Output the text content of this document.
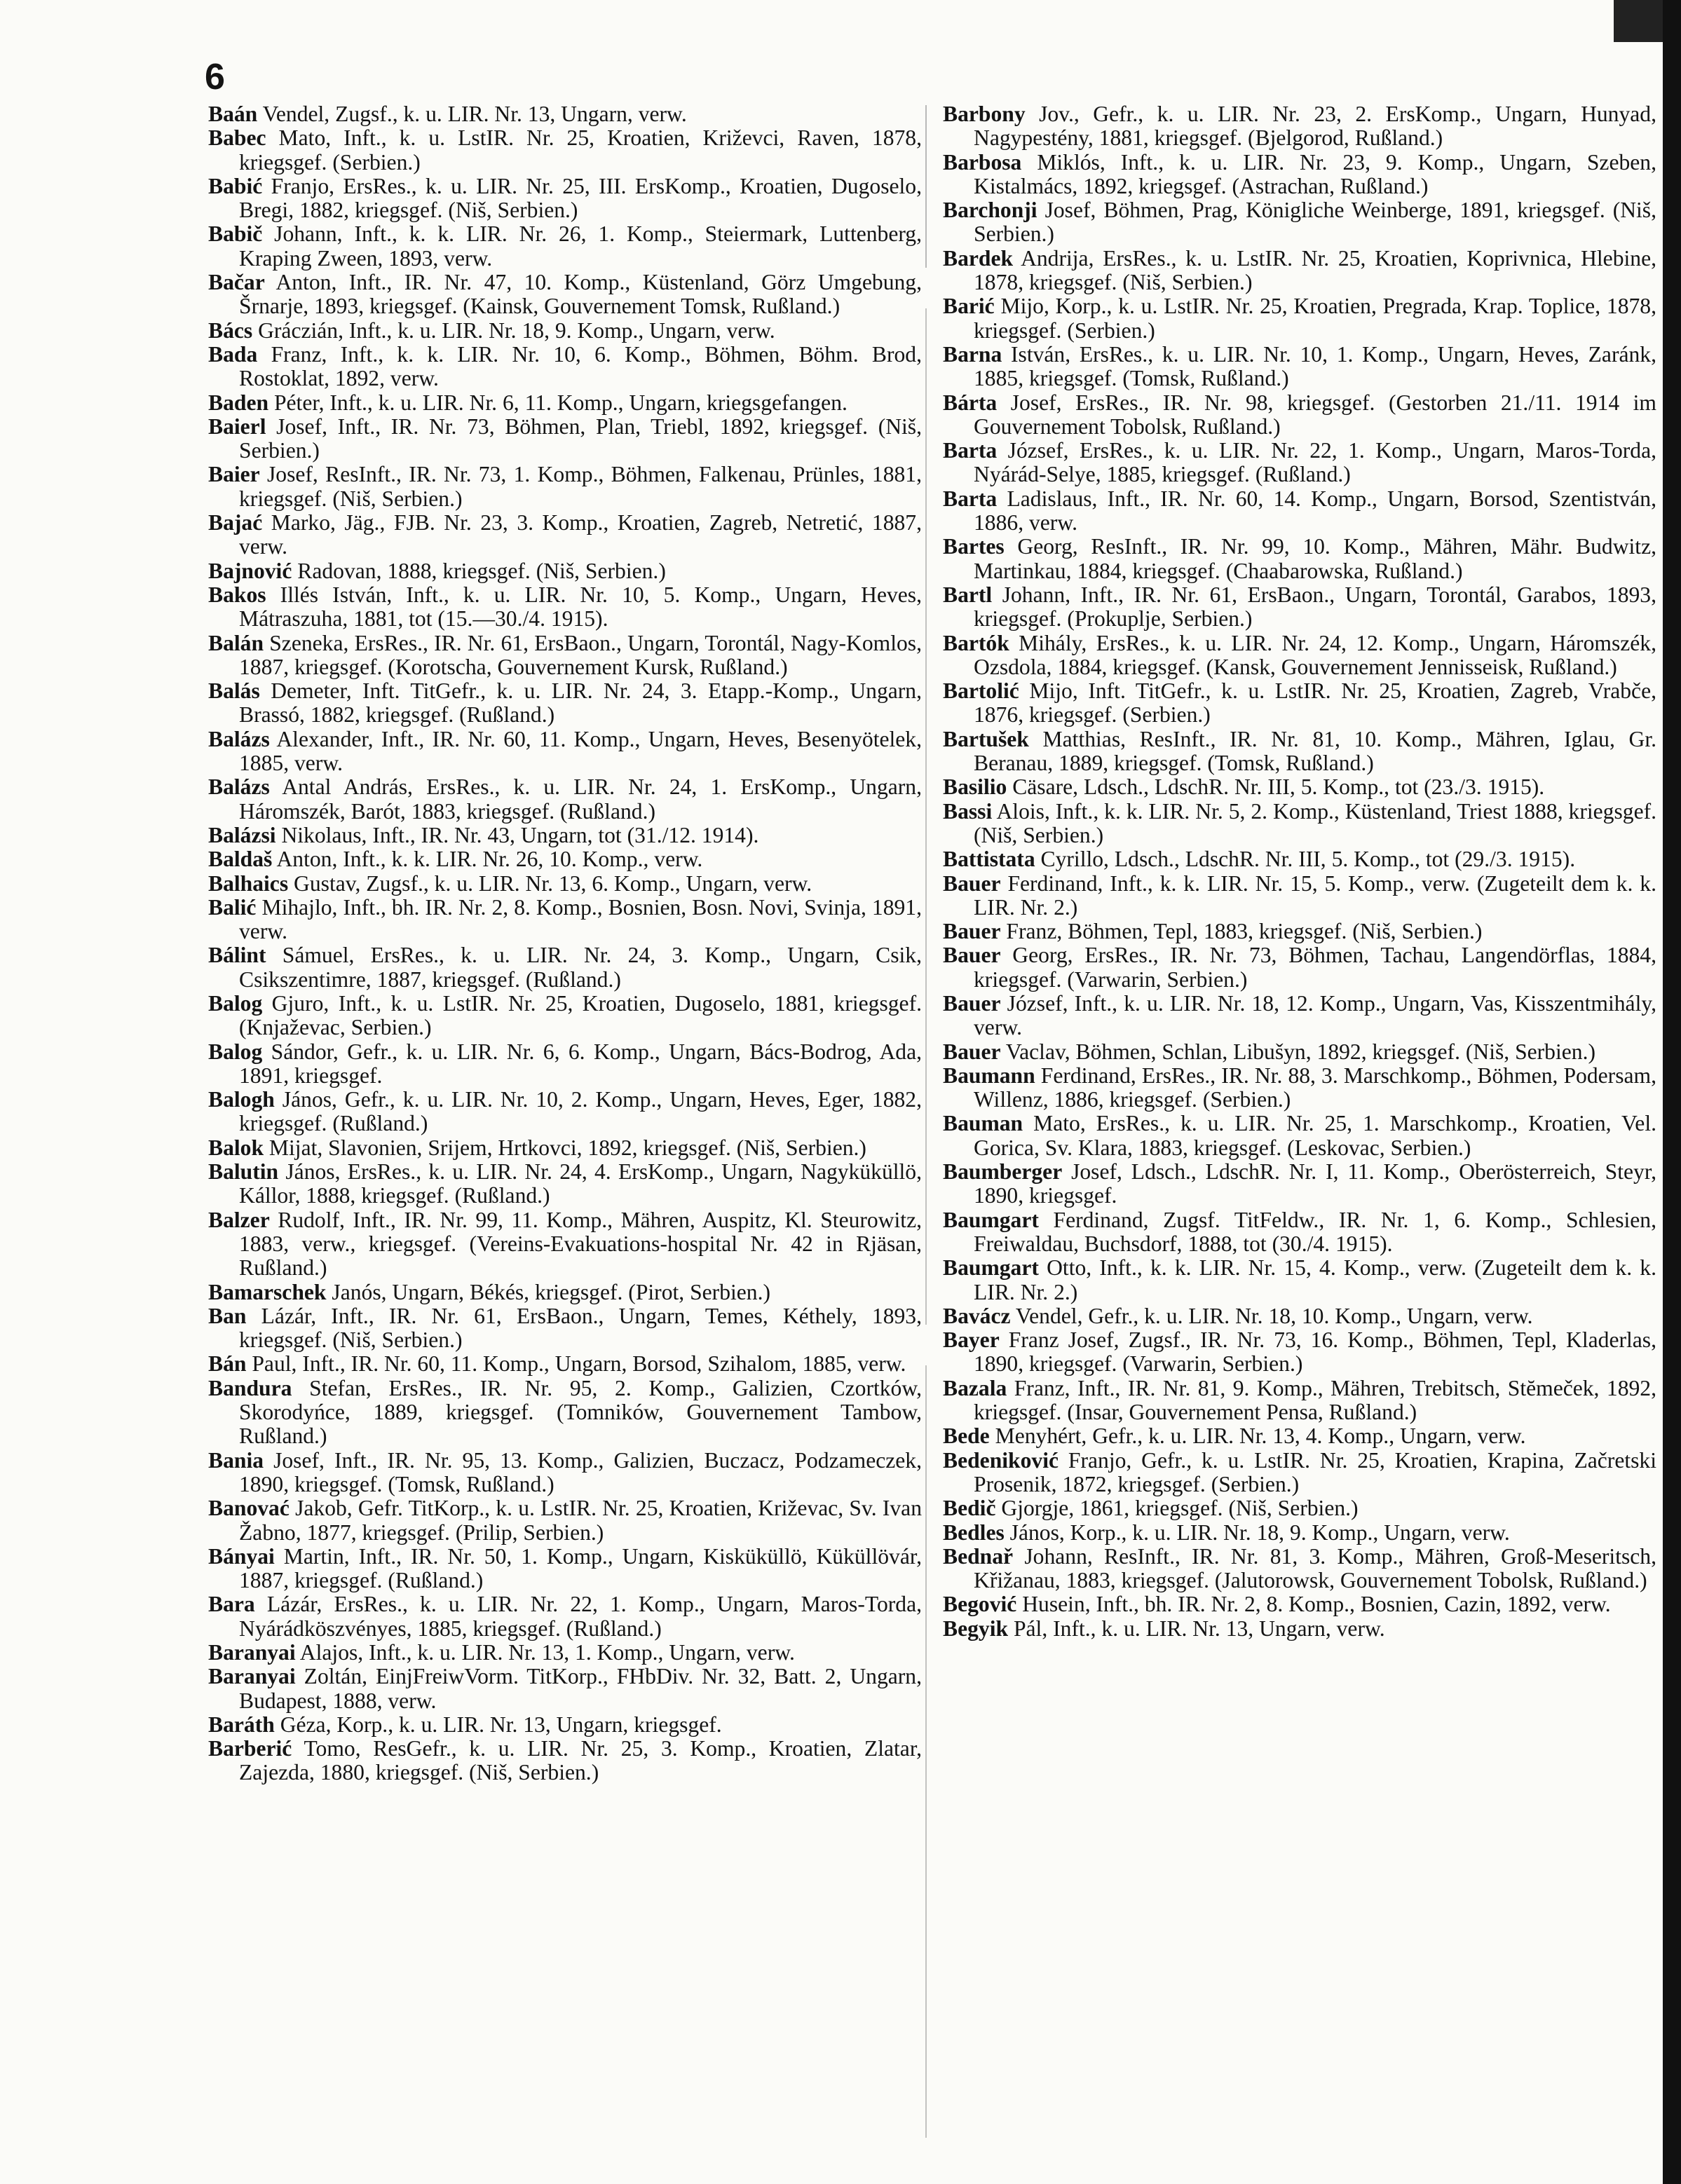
6
Baán Vendel, Zugsf., k. u. LIR. Nr. 13, Ungarn, verw.
Babec Mato, Inft., k. u. LstIR. Nr. 25, Kroatien, Križevci, Raven, 1878, kriegsgef. (Serbien.)
Babić Franjo, ErsRes., k. u. LIR. Nr. 25, III. ErsKomp., Kroatien, Dugoselo, Bregi, 1882, kriegsgef. (Niš, Serbien.)
Babič Johann, Inft., k. k. LIR. Nr. 26, 1. Komp., Steiermark, Luttenberg, Kraping Zween, 1893, verw.
Bačar Anton, Inft., IR. Nr. 47, 10. Komp., Küstenland, Görz Umgebung, Šrnarje, 1893, kriegsgef. (Kainsk, Gouvernement Tomsk, Rußland.)
Bács Gráczián, Inft., k. u. LIR. Nr. 18, 9. Komp., Ungarn, verw.
Bada Franz, Inft., k. k. LIR. Nr. 10, 6. Komp., Böhmen, Böhm. Brod, Rostoklat, 1892, verw.
Baden Péter, Inft., k. u. LIR. Nr. 6, 11. Komp., Ungarn, kriegsgefangen.
Baierl Josef, Inft., IR. Nr. 73, Böhmen, Plan, Triebl, 1892, kriegsgef. (Niš, Serbien.)
Baier Josef, ResInft., IR. Nr. 73, 1. Komp., Böhmen, Falkenau, Prünles, 1881, kriegsgef. (Niš, Serbien.)
Bajać Marko, Jäg., FJB. Nr. 23, 3. Komp., Kroatien, Zagreb, Netretić, 1887, verw.
Bajnović Radovan, 1888, kriegsgef. (Niš, Serbien.)
Bakos Illés István, Inft., k. u. LIR. Nr. 10, 5. Komp., Ungarn, Heves, Mátraszuha, 1881, tot (15.—30./4. 1915).
Balán Szeneka, ErsRes., IR. Nr. 61, ErsBaon., Ungarn, Torontál, Nagy-Komlos, 1887, kriegsgef. (Korotscha, Gouvernement Kursk, Rußland.)
Balás Demeter, Inft. TitGefr., k. u. LIR. Nr. 24, 3. Etapp.-Komp., Ungarn, Brassó, 1882, kriegsgef. (Rußland.)
Balázs Alexander, Inft., IR. Nr. 60, 11. Komp., Ungarn, Heves, Besenyötelek, 1885, verw.
Balázs Antal András, ErsRes., k. u. LIR. Nr. 24, 1. ErsKomp., Ungarn, Háromszék, Barót, 1883, kriegsgef. (Rußland.)
Balázsi Nikolaus, Inft., IR. Nr. 43, Ungarn, tot (31./12. 1914).
Baldaš Anton, Inft., k. k. LIR. Nr. 26, 10. Komp., verw.
Balhaics Gustav, Zugsf., k. u. LIR. Nr. 13, 6. Komp., Ungarn, verw.
Balić Mihajlo, Inft., bh. IR. Nr. 2, 8. Komp., Bosnien, Bosn. Novi, Svinja, 1891, verw.
Bálint Sámuel, ErsRes., k. u. LIR. Nr. 24, 3. Komp., Ungarn, Csik, Csikszentimre, 1887, kriegsgef. (Rußland.)
Balog Gjuro, Inft., k. u. LstIR. Nr. 25, Kroatien, Dugoselo, 1881, kriegsgef. (Knjaževac, Serbien.)
Balog Sándor, Gefr., k. u. LIR. Nr. 6, 6. Komp., Ungarn, Bács-Bodrog, Ada, 1891, kriegsgef.
Balogh János, Gefr., k. u. LIR. Nr. 10, 2. Komp., Ungarn, Heves, Eger, 1882, kriegsgef. (Rußland.)
Balok Mijat, Slavonien, Srijem, Hrtkovci, 1892, kriegsgef. (Niš, Serbien.)
Balutin János, ErsRes., k. u. LIR. Nr. 24, 4. ErsKomp., Ungarn, Nagyküküllö, Kállor, 1888, kriegsgef. (Rußland.)
Balzer Rudolf, Inft., IR. Nr. 99, 11. Komp., Mähren, Auspitz, Kl. Steurowitz, 1883, verw., kriegsgef. (Vereins-Evakuations-hospital Nr. 42 in Rjäsan, Rußland.)
Bamarschek Janós, Ungarn, Békés, kriegsgef. (Pirot, Serbien.)
Ban Lázár, Inft., IR. Nr. 61, ErsBaon., Ungarn, Temes, Kéthely, 1893, kriegsgef. (Niš, Serbien.)
Bán Paul, Inft., IR. Nr. 60, 11. Komp., Ungarn, Borsod, Szihalom, 1885, verw.
Bandura Stefan, ErsRes., IR. Nr. 95, 2. Komp., Galizien, Czortków, Skorodyńce, 1889, kriegsgef. (Tomników, Gouvernement Tambow, Rußland.)
Bania Josef, Inft., IR. Nr. 95, 13. Komp., Galizien, Buczacz, Podzameczek, 1890, kriegsgef. (Tomsk, Rußland.)
Banovać Jakob, Gefr. TitKorp., k. u. LstIR. Nr. 25, Kroatien, Križevac, Sv. Ivan Žabno, 1877, kriegsgef. (Prilip, Serbien.)
Bányai Martin, Inft., IR. Nr. 50, 1. Komp., Ungarn, Kisküküllö, Küküllövár, 1887, kriegsgef. (Rußland.)
Bara Lázár, ErsRes., k. u. LIR. Nr. 22, 1. Komp., Ungarn, Maros-Torda, Nyárádköszvényes, 1885, kriegsgef. (Rußland.)
Baranyai Alajos, Inft., k. u. LIR. Nr. 13, 1. Komp., Ungarn, verw.
Baranyai Zoltán, EinjFreiwVorm. TitKorp., FHbDiv. Nr. 32, Batt. 2, Ungarn, Budapest, 1888, verw.
Baráth Géza, Korp., k. u. LIR. Nr. 13, Ungarn, kriegsgef.
Barberić Tomo, ResGefr., k. u. LIR. Nr. 25, 3. Komp., Kroatien, Zlatar, Zajezda, 1880, kriegsgef. (Niš, Serbien.)
Barbony Jov., Gefr., k. u. LIR. Nr. 23, 2. ErsKomp., Ungarn, Hunyad, Nagypestény, 1881, kriegsgef. (Bjelgorod, Rußland.)
Barbosa Miklós, Inft., k. u. LIR. Nr. 23, 9. Komp., Ungarn, Szeben, Kistalmács, 1892, kriegsgef. (Astrachan, Rußland.)
Barchonji Josef, Böhmen, Prag, Königliche Weinberge, 1891, kriegsgef. (Niš, Serbien.)
Bardek Andrija, ErsRes., k. u. LstIR. Nr. 25, Kroatien, Koprivnica, Hlebine, 1878, kriegsgef. (Niš, Serbien.)
Barić Mijo, Korp., k. u. LstIR. Nr. 25, Kroatien, Pregrada, Krap. Toplice, 1878, kriegsgef. (Serbien.)
Barna István, ErsRes., k. u. LIR. Nr. 10, 1. Komp., Ungarn, Heves, Zaránk, 1885, kriegsgef. (Tomsk, Rußland.)
Bárta Josef, ErsRes., IR. Nr. 98, kriegsgef. (Gestorben 21./11. 1914 im Gouvernement Tobolsk, Rußland.)
Barta József, ErsRes., k. u. LIR. Nr. 22, 1. Komp., Ungarn, Maros-Torda, Nyárád-Selye, 1885, kriegsgef. (Rußland.)
Barta Ladislaus, Inft., IR. Nr. 60, 14. Komp., Ungarn, Borsod, Szentistván, 1886, verw.
Bartes Georg, ResInft., IR. Nr. 99, 10. Komp., Mähren, Mähr. Budwitz, Martinkau, 1884, kriegsgef. (Chaabarowska, Rußland.)
Bartl Johann, Inft., IR. Nr. 61, ErsBaon., Ungarn, Torontál, Garabos, 1893, kriegsgef. (Prokuplje, Serbien.)
Bartók Mihály, ErsRes., k. u. LIR. Nr. 24, 12. Komp., Ungarn, Háromszék, Ozsdola, 1884, kriegsgef. (Kansk, Gouvernement Jennisseisk, Rußland.)
Bartolić Mijo, Inft. TitGefr., k. u. LstIR. Nr. 25, Kroatien, Zagreb, Vrabče, 1876, kriegsgef. (Serbien.)
Bartušek Matthias, ResInft., IR. Nr. 81, 10. Komp., Mähren, Iglau, Gr. Beranau, 1889, kriegsgef. (Tomsk, Rußland.)
Basilio Cäsare, Ldsch., LdschR. Nr. III, 5. Komp., tot (23./3. 1915).
Bassi Alois, Inft., k. k. LIR. Nr. 5, 2. Komp., Küstenland, Triest 1888, kriegsgef. (Niš, Serbien.)
Battistata Cyrillo, Ldsch., LdschR. Nr. III, 5. Komp., tot (29./3. 1915).
Bauer Ferdinand, Inft., k. k. LIR. Nr. 15, 5. Komp., verw. (Zugeteilt dem k. k. LIR. Nr. 2.)
Bauer Franz, Böhmen, Tepl, 1883, kriegsgef. (Niš, Serbien.)
Bauer Georg, ErsRes., IR. Nr. 73, Böhmen, Tachau, Langendörflas, 1884, kriegsgef. (Varwarin, Serbien.)
Bauer József, Inft., k. u. LIR. Nr. 18, 12. Komp., Ungarn, Vas, Kisszentmihály, verw.
Bauer Vaclav, Böhmen, Schlan, Libušyn, 1892, kriegsgef. (Niš, Serbien.)
Baumann Ferdinand, ErsRes., IR. Nr. 88, 3. Marschkomp., Böhmen, Podersam, Willenz, 1886, kriegsgef. (Serbien.)
Bauman Mato, ErsRes., k. u. LIR. Nr. 25, 1. Marschkomp., Kroatien, Vel. Gorica, Sv. Klara, 1883, kriegsgef. (Leskovac, Serbien.)
Baumberger Josef, Ldsch., LdschR. Nr. I, 11. Komp., Oberösterreich, Steyr, 1890, kriegsgef.
Baumgart Ferdinand, Zugsf. TitFeldw., IR. Nr. 1, 6. Komp., Schlesien, Freiwaldau, Buchsdorf, 1888, tot (30./4. 1915).
Baumgart Otto, Inft., k. k. LIR. Nr. 15, 4. Komp., verw. (Zugeteilt dem k. k. LIR. Nr. 2.)
Bavácz Vendel, Gefr., k. u. LIR. Nr. 18, 10. Komp., Ungarn, verw.
Bayer Franz Josef, Zugsf., IR. Nr. 73, 16. Komp., Böhmen, Tepl, Kladerlas, 1890, kriegsgef. (Varwarin, Serbien.)
Bazala Franz, Inft., IR. Nr. 81, 9. Komp., Mähren, Trebitsch, Stĕmeček, 1892, kriegsgef. (Insar, Gouvernement Pensa, Rußland.)
Bede Menyhért, Gefr., k. u. LIR. Nr. 13, 4. Komp., Ungarn, verw.
Bedeniković Franjo, Gefr., k. u. LstIR. Nr. 25, Kroatien, Krapina, Začretski Prosenik, 1872, kriegsgef. (Serbien.)
Bedič Gjorgje, 1861, kriegsgef. (Niš, Serbien.)
Bedles János, Korp., k. u. LIR. Nr. 18, 9. Komp., Ungarn, verw.
Bednař Johann, ResInft., IR. Nr. 81, 3. Komp., Mähren, Groß-Meseritsch, Křižanau, 1883, kriegsgef. (Jalutorowsk, Gouvernement Tobolsk, Rußland.)
Begović Husein, Inft., bh. IR. Nr. 2, 8. Komp., Bosnien, Cazin, 1892, verw.
Begyik Pál, Inft., k. u. LIR. Nr. 13, Ungarn, verw.
